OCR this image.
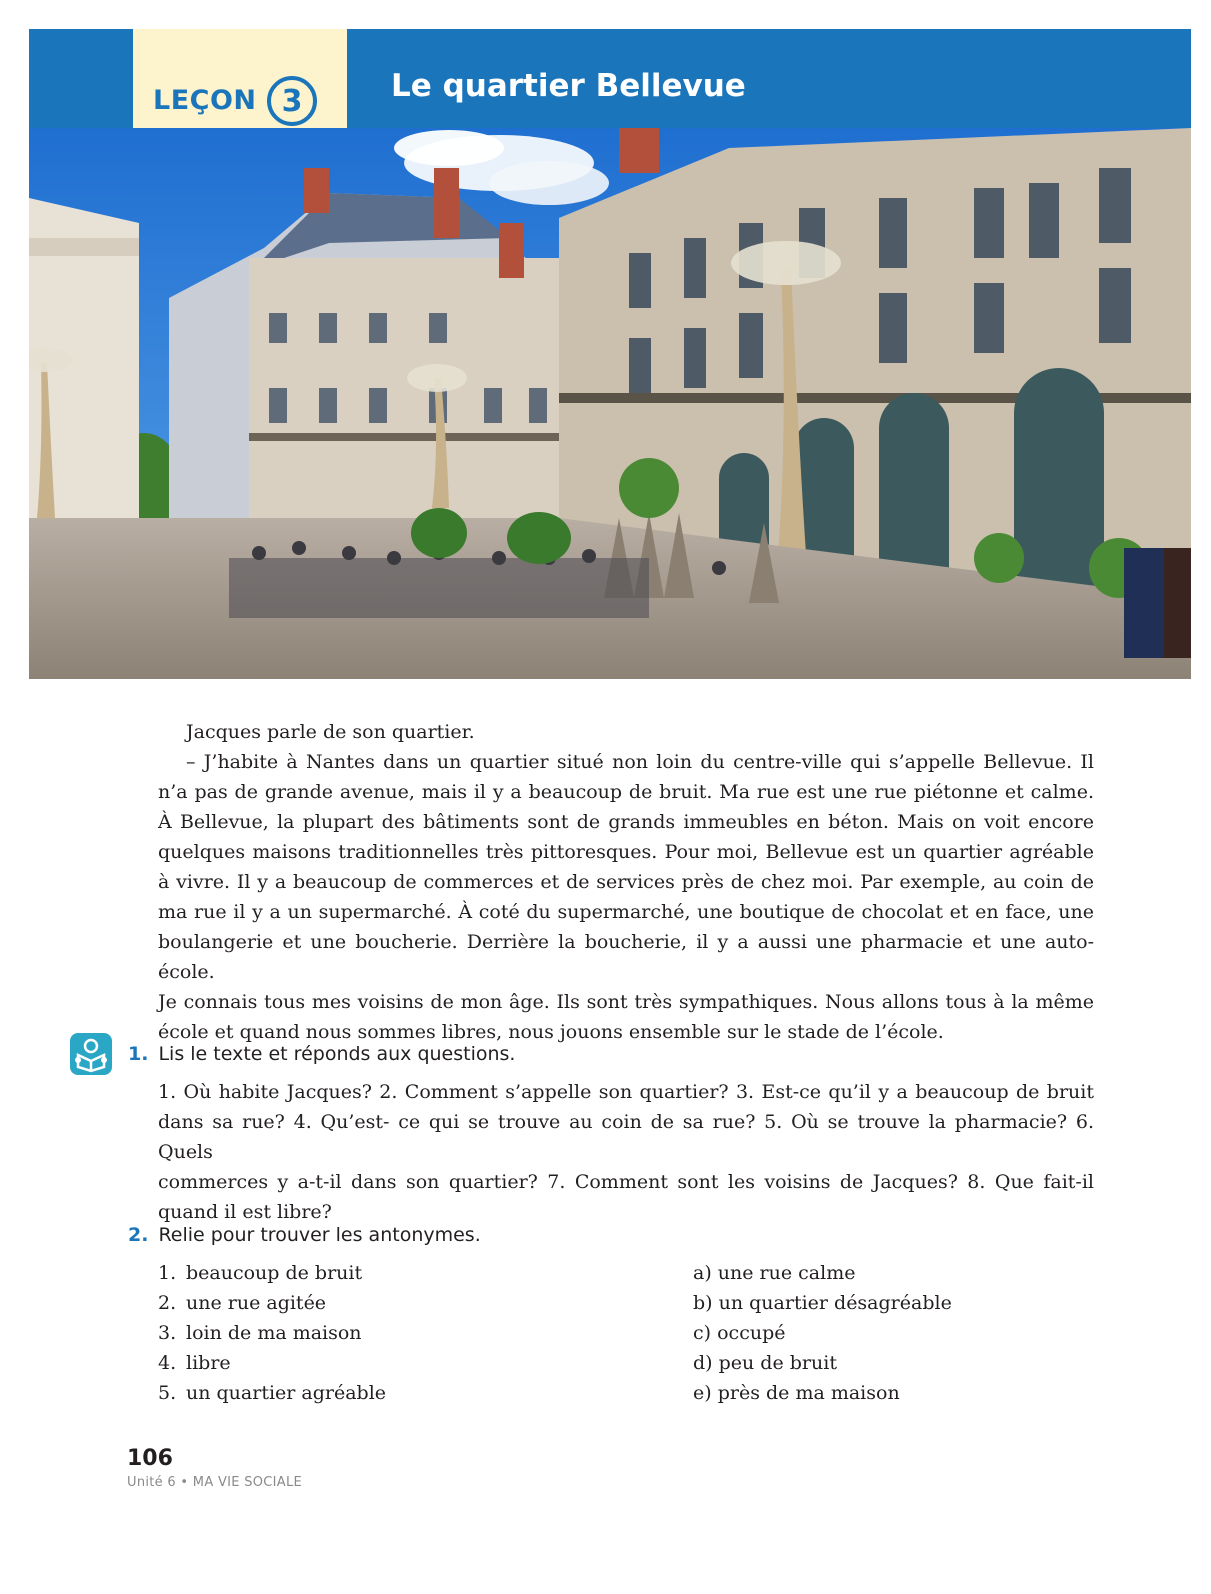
LEÇON 3	Le quartier Bellevue
Jacques parle de son quartier.
– J’habite à Nantes dans un quartier situé non loin du centre-ville qui s’appelle Bellevue. Il
n’a pas de grande avenue, mais il y a beaucoup de bruit. Ma rue est une rue piétonne et calme.
À Bellevue, la plupart des bâtiments sont de grands immeubles en béton. Mais on voit encore
quelques maisons traditionnelles très pittoresques. Pour moi, Bellevue est un quartier agréable
à vivre. Il y a beaucoup de commerces et de services près de chez moi. Par exemple, au coin de
ma rue il y a un supermarché. À coté du supermarché, une boutique de chocolat et en face, une
boulangerie et une boucherie. Derrière la boucherie, il y a aussi une pharmacie et une auto-école.
Je connais tous mes voisins de mon âge. Ils sont très sympathiques. Nous allons tous à la même
école et quand nous sommes libres, nous jouons ensemble sur le stade de l’école.
1. Lis le texte et réponds aux questions.
1. Où habite Jacques? 2. Comment s’appelle son quartier? 3. Est-ce qu’il y a beaucoup de bruit
dans sa rue? 4. Qu’est- ce qui se trouve au coin de sa rue? 5. Où se trouve la pharmacie? 6. Quels
commerces y a-t-il dans son quartier? 7. Comment sont les voisins de Jacques? 8. Que fait-il
quand il est libre?
2. Relie pour trouver les antonymes.
1. beaucoup de bruit
2. une rue agitée
3. loin de ma maison
4. libre
5. un quartier agréable
a) une rue calme
b) un quartier désagréable
c) occupé
d) peu de bruit
e) près de ma maison
106
Unité 6 • MA VIE SOCIALE
